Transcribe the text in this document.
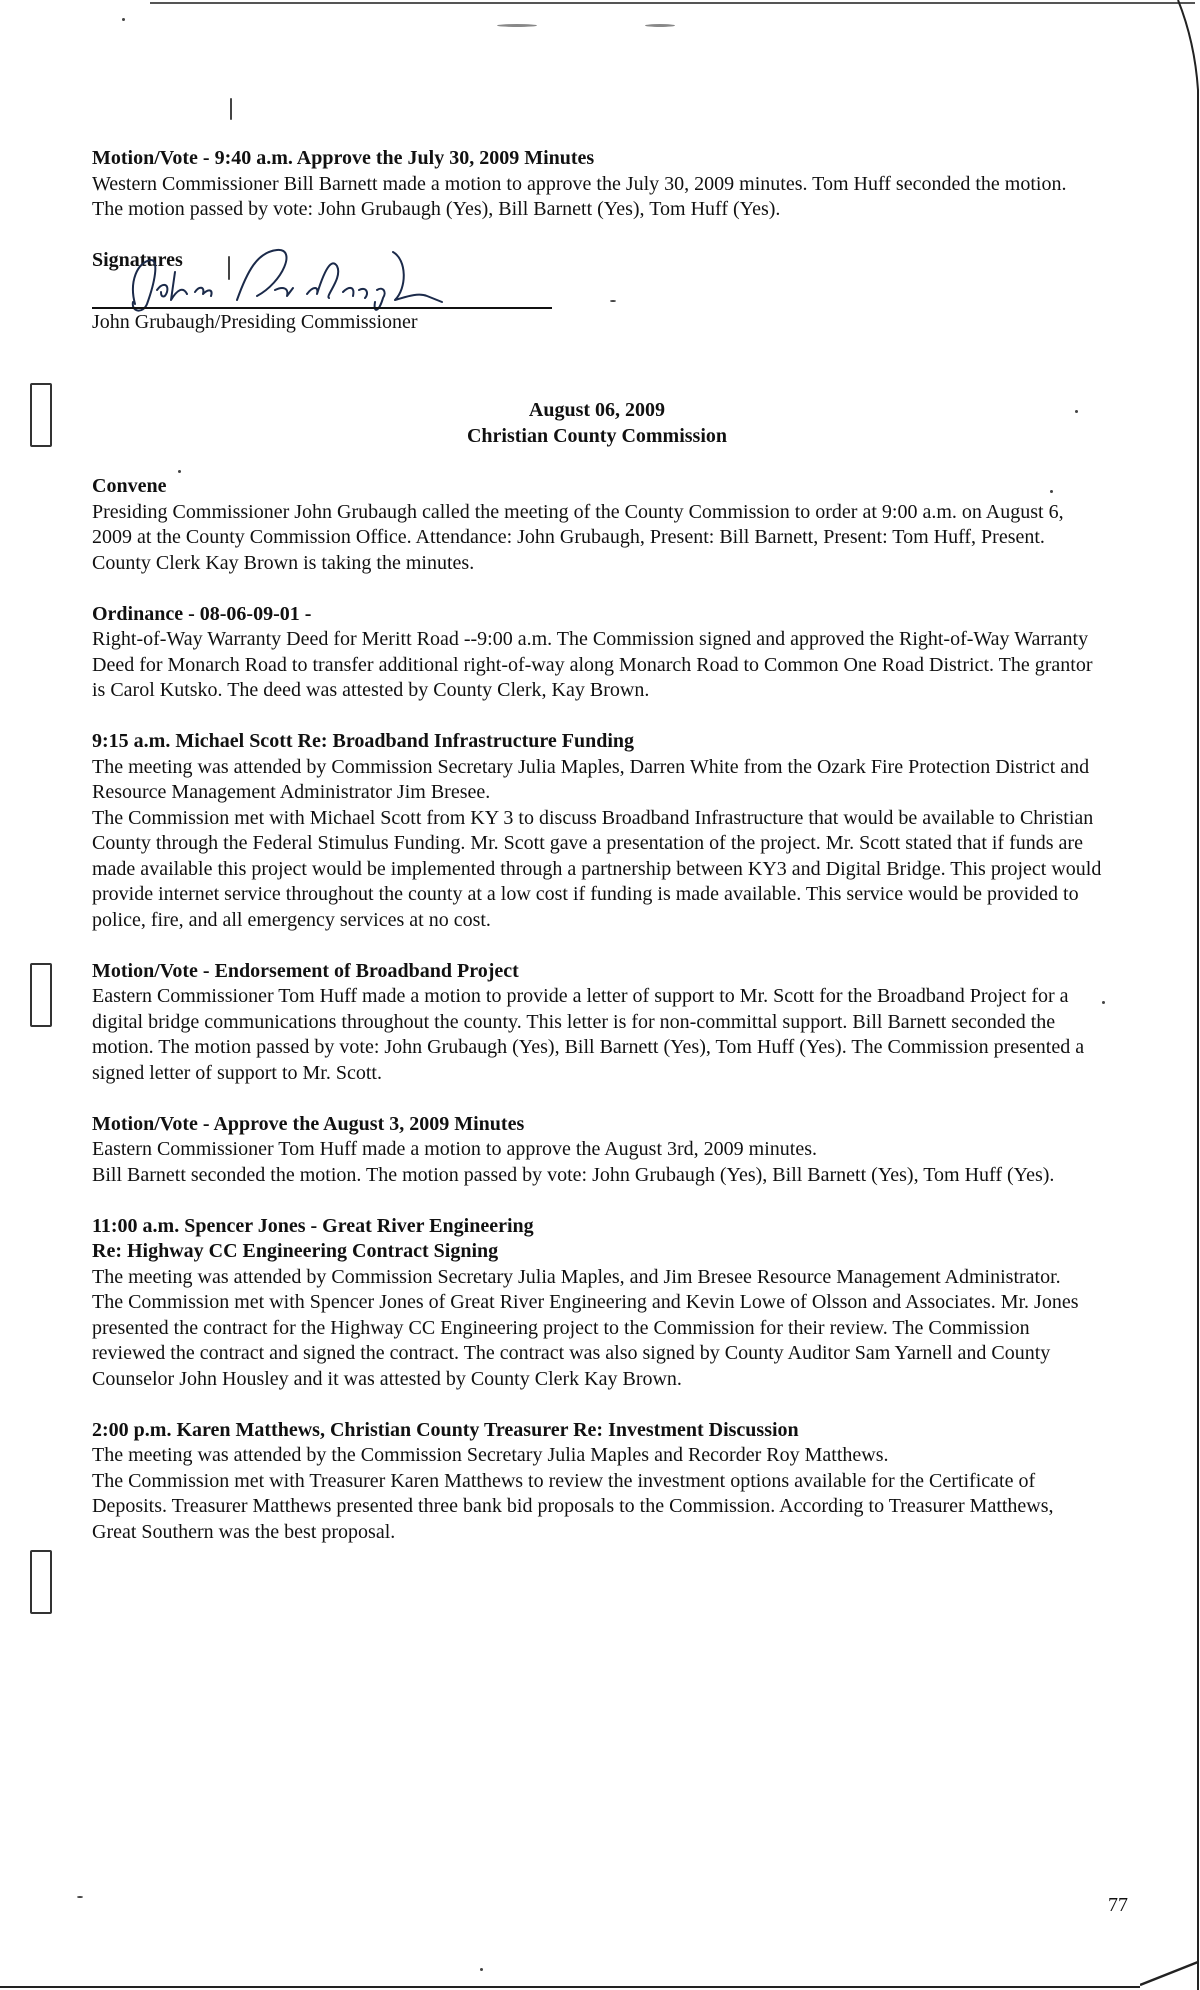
Motion/Vote - 9:40 a.m. Approve the July 30, 2009 Minutes

Western Commissioner Bill Barnett made a motion to approve the July 30, 2009 minutes. Tom Huff seconded the motion. The motion passed by vote: John Grubaugh (Yes), Bill Barnett (Yes), Tom Huff (Yes).

Signatures
John Grubaugh/Presiding Commissioner
August 06, 2009
Christian County Commission
Convene

Presiding Commissioner John Grubaugh called the meeting of the County Commission to order at 9:00 a.m. on August 6, 2009 at the County Commission Office. Attendance: John Grubaugh, Present: Bill Barnett, Present: Tom Huff, Present. County Clerk Kay Brown is taking the minutes.

Ordinance - 08-06-09-01 -

Right-of-Way Warranty Deed for Meritt Road --9:00 a.m. The Commission signed and approved the Right-of-Way Warranty Deed for Monarch Road to transfer additional right-of-way along Monarch Road to Common One Road District. The grantor is Carol Kutsko. The deed was attested by County Clerk, Kay Brown.

9:15 a.m. Michael Scott Re: Broadband Infrastructure Funding

The meeting was attended by Commission Secretary Julia Maples, Darren White from the Ozark Fire Protection District and Resource Management Administrator Jim Bresee.

The Commission met with Michael Scott from KY 3 to discuss Broadband Infrastructure that would be available to Christian County through the Federal Stimulus Funding. Mr. Scott gave a presentation of the project. Mr. Scott stated that if funds are made available this project would be implemented through a partnership between KY3 and Digital Bridge. This project would provide internet service throughout the county at a low cost if funding is made available. This service would be provided to police, fire, and all emergency services at no cost.

Motion/Vote - Endorsement of Broadband Project

Eastern Commissioner Tom Huff made a motion to provide a letter of support to Mr. Scott for the Broadband Project for a digital bridge communications throughout the county. This letter is for non-committal support. Bill Barnett seconded the motion. The motion passed by vote: John Grubaugh (Yes), Bill Barnett (Yes), Tom Huff (Yes). The Commission presented a signed letter of support to Mr. Scott.

Motion/Vote - Approve the August 3, 2009 Minutes

Eastern Commissioner Tom Huff made a motion to approve the August 3rd, 2009 minutes.

Bill Barnett seconded the motion. The motion passed by vote: John Grubaugh (Yes), Bill Barnett (Yes), Tom Huff (Yes).

11:00 a.m. Spencer Jones - Great River Engineering
Re: Highway CC Engineering Contract Signing

The meeting was attended by Commission Secretary Julia Maples, and Jim Bresee Resource Management Administrator.

The Commission met with Spencer Jones of Great River Engineering and Kevin Lowe of Olsson and Associates. Mr. Jones presented the contract for the Highway CC Engineering project to the Commission for their review. The Commission reviewed the contract and signed the contract. The contract was also signed by County Auditor Sam Yarnell and County Counselor John Housley and it was attested by County Clerk Kay Brown.

2:00 p.m. Karen Matthews, Christian County Treasurer Re: Investment Discussion

The meeting was attended by the Commission Secretary Julia Maples and Recorder Roy Matthews.

The Commission met with Treasurer Karen Matthews to review the investment options available for the Certificate of Deposits. Treasurer Matthews presented three bank bid proposals to the Commission. According to Treasurer Matthews, Great Southern was the best proposal.

77
